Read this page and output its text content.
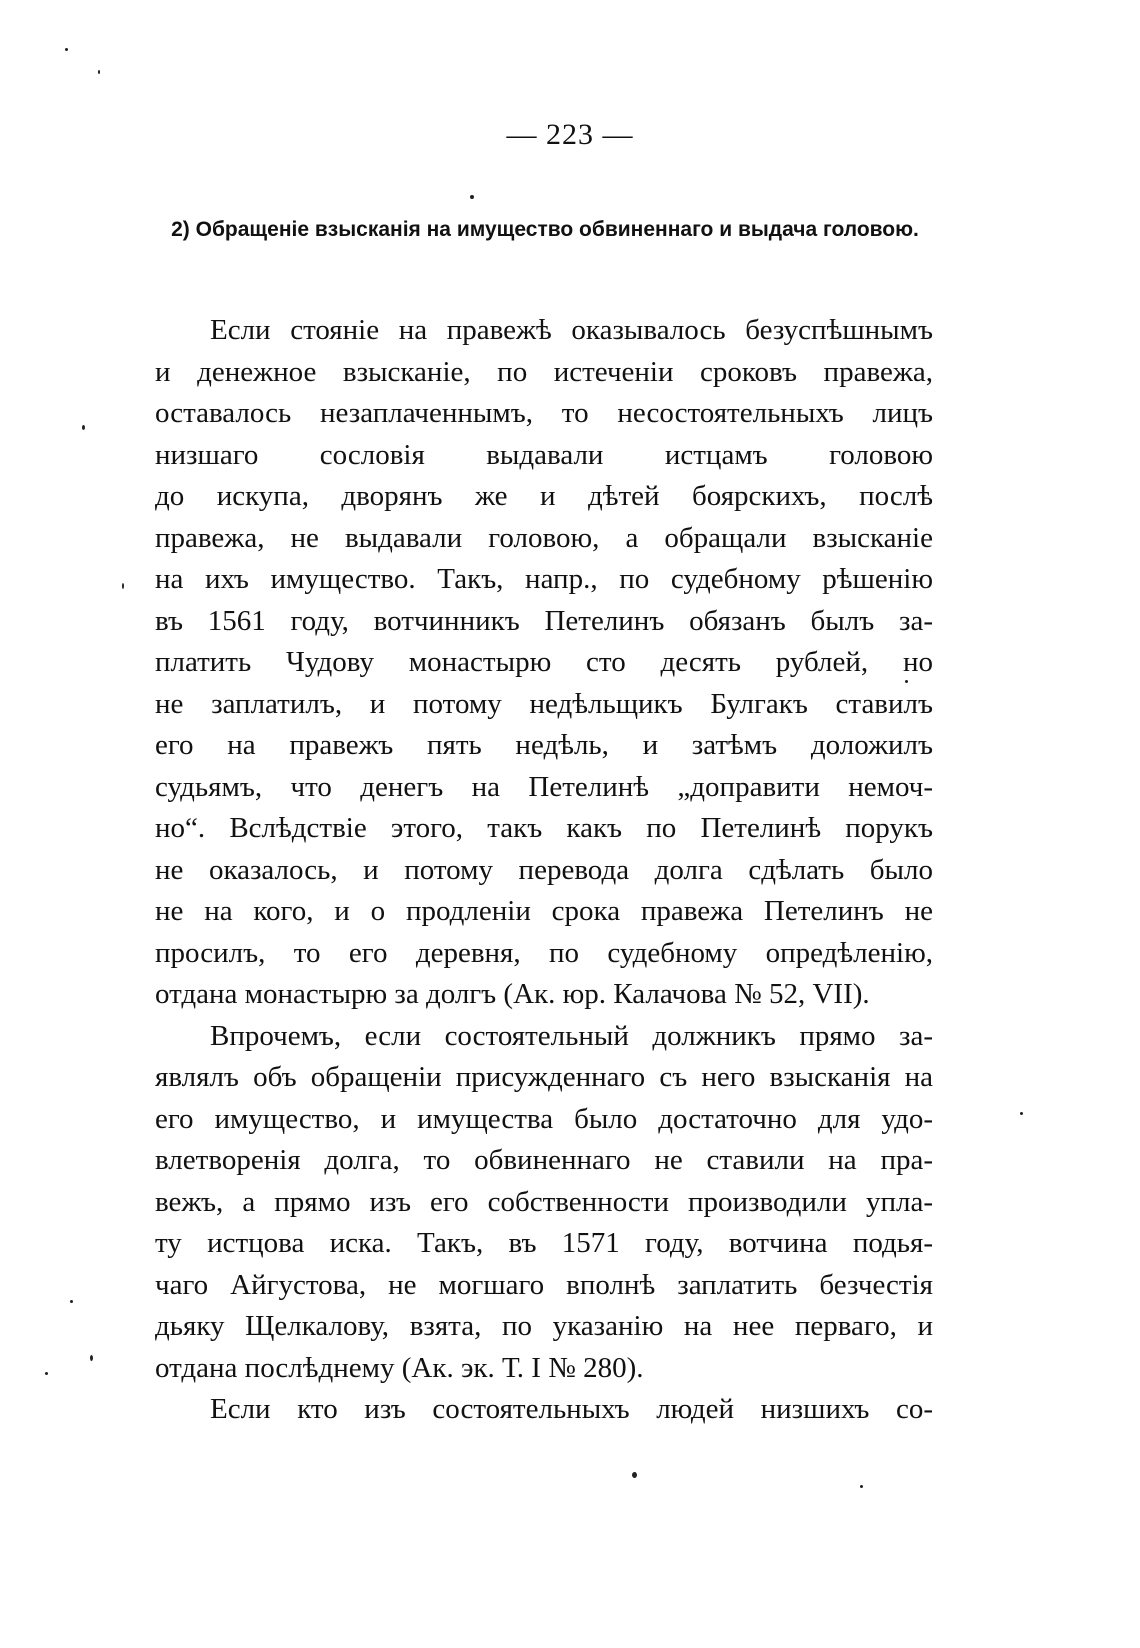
— 223 —
2) Обращеніе взысканія на имущество обвиненнаго и выдача головою.
Если стояніе на правежѣ оказывалось безуспѣшнымъ
и денежное взысканіе, по истеченіи сроковъ правежа,
оставалось незаплаченнымъ, то несостоятельныхъ лицъ
низшаго сословія выдавали истцамъ головою
до искупа, дворянъ же и дѣтей боярскихъ, послѣ
правежа, не выдавали головою, а обращали взысканіе
на ихъ имущество. Такъ, напр., по судебному рѣшенію
въ 1561 году, вотчинникъ Петелинъ обязанъ былъ за-
платить Чудову монастырю сто десять рублей, но
не заплатилъ, и потому недѣльщикъ Булгакъ ставилъ
его на правежъ пять недѣль, и затѣмъ доложилъ
судьямъ, что денегъ на Петелинѣ „доправити немоч-
но“. Вслѣдствіе этого, такъ какъ по Петелинѣ порукъ
не оказалось, и потому перевода долга сдѣлать было
не на кого, и о продленіи срока правежа Петелинъ не
просилъ, то его деревня, по судебному опредѣленію,
отдана монастырю за долгъ (Ак. юр. Калачова № 52, VII).
Впрочемъ, если состоятельный должникъ прямо за-
являлъ объ обращеніи присужденнаго съ него взысканія на
его имущество, и имущества было достаточно для удо-
влетворенія долга, то обвиненнаго не ставили на пра-
вежъ, а прямо изъ его собственности производили упла-
ту истцова иска. Такъ, въ 1571 году, вотчина подья-
чаго Айгустова, не могшаго вполнѣ заплатить безчестія
дьяку Щелкалову, взята, по указанію на нее перваго, и
отдана послѣднему (Ак. эк. Т. I № 280).
Если кто изъ состоятельныхъ людей низшихъ со-
